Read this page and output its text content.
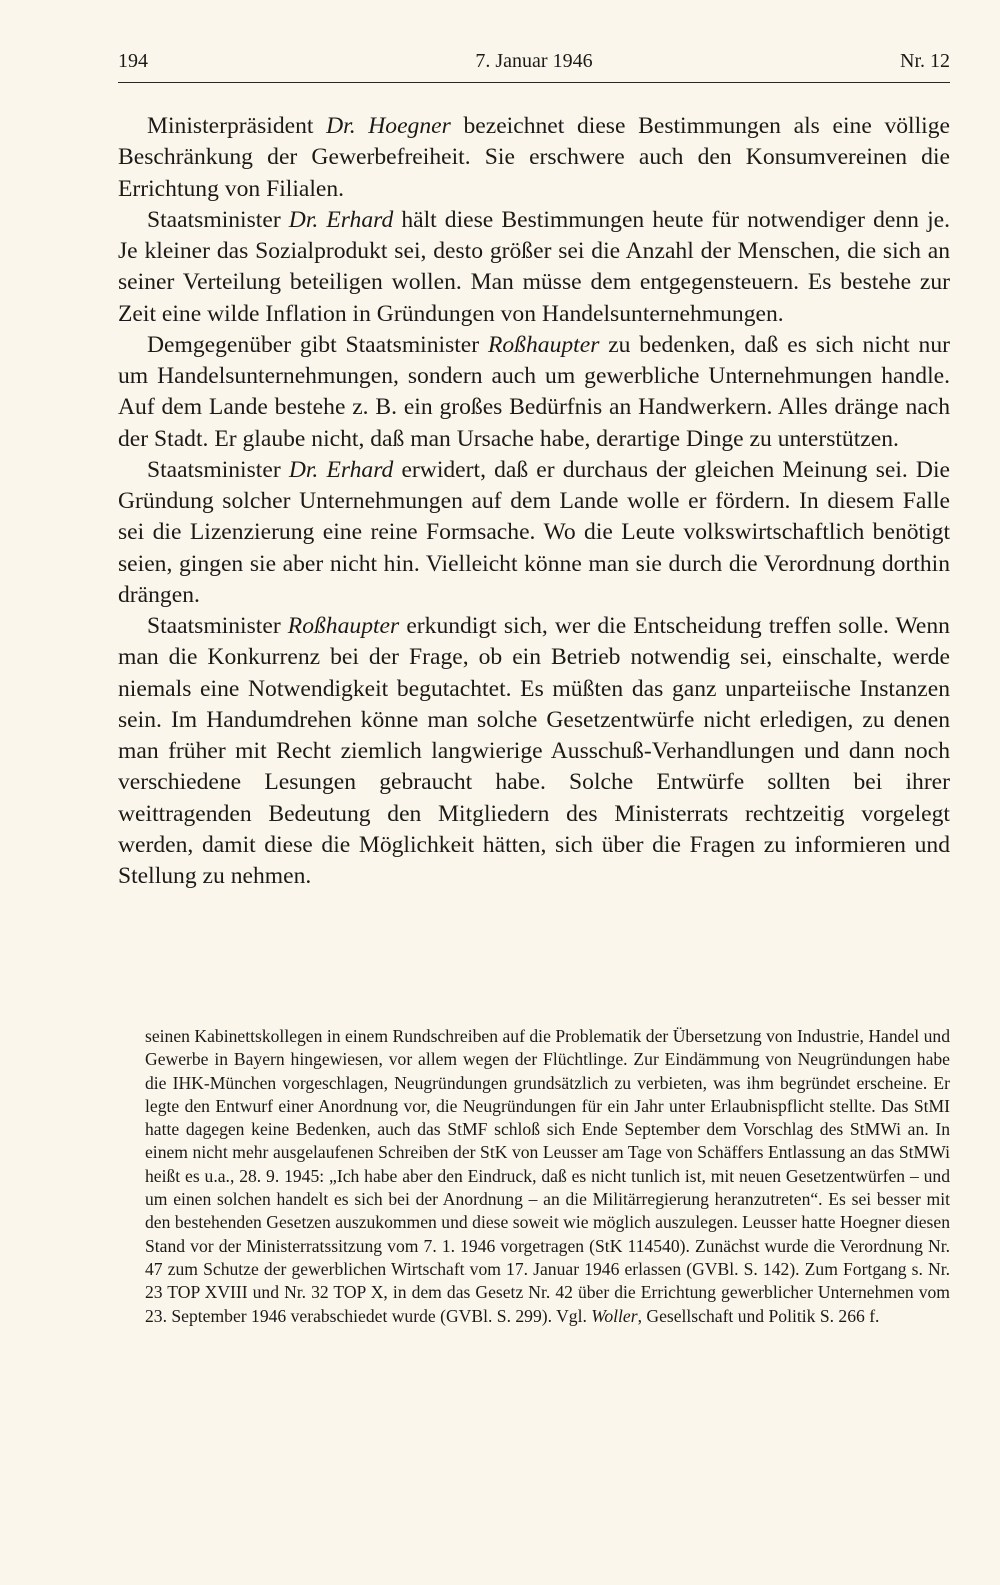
194	7. Januar 1946	Nr. 12

Ministerpräsident Dr. Hoegner bezeichnet diese Bestimmungen als eine völlige Beschränkung der Gewerbefreiheit. Sie erschwere auch den Konsumvereinen die Errichtung von Filialen.

Staatsminister Dr. Erhard hält diese Bestimmungen heute für notwendiger denn je. Je kleiner das Sozialprodukt sei, desto größer sei die Anzahl der Menschen, die sich an seiner Verteilung beteiligen wollen. Man müsse dem entgegensteuern. Es bestehe zur Zeit eine wilde Inflation in Gründungen von Handelsunternehmungen.

Demgegenüber gibt Staatsminister Roßhaupter zu bedenken, daß es sich nicht nur um Handelsunternehmungen, sondern auch um gewerbliche Unternehmungen handle. Auf dem Lande bestehe z. B. ein großes Bedürfnis an Handwerkern. Alles dränge nach der Stadt. Er glaube nicht, daß man Ursache habe, derartige Dinge zu unterstützen.

Staatsminister Dr. Erhard erwidert, daß er durchaus der gleichen Meinung sei. Die Gründung solcher Unternehmungen auf dem Lande wolle er fördern. In diesem Falle sei die Lizenzierung eine reine Formsache. Wo die Leute volkswirtschaftlich benötigt seien, gingen sie aber nicht hin. Vielleicht könne man sie durch die Verordnung dorthin drängen.

Staatsminister Roßhaupter erkundigt sich, wer die Entscheidung treffen solle. Wenn man die Konkurrenz bei der Frage, ob ein Betrieb notwendig sei, einschalte, werde niemals eine Notwendigkeit begutachtet. Es müßten das ganz unparteiische Instanzen sein. Im Handumdrehen könne man solche Gesetzentwürfe nicht erledigen, zu denen man früher mit Recht ziemlich langwierige Ausschuß-Verhandlungen und dann noch verschiedene Lesungen gebraucht habe. Solche Entwürfe sollten bei ihrer weittragenden Bedeutung den Mitgliedern des Ministerrats rechtzeitig vorgelegt werden, damit diese die Möglichkeit hätten, sich über die Fragen zu informieren und Stellung zu nehmen.

seinen Kabinettskollegen in einem Rundschreiben auf die Problematik der Übersetzung von Industrie, Handel und Gewerbe in Bayern hingewiesen, vor allem wegen der Flüchtlinge. Zur Eindämmung von Neugründungen habe die IHK-München vorgeschlagen, Neugründungen grundsätzlich zu verbieten, was ihm begründet erscheine. Er legte den Entwurf einer Anordnung vor, die Neugründungen für ein Jahr unter Erlaubnispflicht stellte. Das StMI hatte dagegen keine Bedenken, auch das StMF schloß sich Ende September dem Vorschlag des StMWi an. In einem nicht mehr ausgelaufenen Schreiben der StK von Leusser am Tage von Schäffers Entlassung an das StMWi heißt es u.a., 28. 9. 1945: „Ich habe aber den Eindruck, daß es nicht tunlich ist, mit neuen Gesetzentwürfen – und um einen solchen handelt es sich bei der Anordnung – an die Militärregierung heranzutreten“. Es sei besser mit den bestehenden Gesetzen auszukommen und diese soweit wie möglich auszulegen. Leusser hatte Hoegner diesen Stand vor der Ministerratssitzung vom 7. 1. 1946 vorgetragen (StK 114540). Zunächst wurde die Verordnung Nr. 47 zum Schutze der gewerblichen Wirtschaft vom 17. Januar 1946 erlassen (GVBl. S. 142). Zum Fortgang s. Nr. 23 TOP XVIII und Nr. 32 TOP X, in dem das Gesetz Nr. 42 über die Errichtung gewerblicher Unternehmen vom 23. September 1946 verabschiedet wurde (GVBl. S. 299). Vgl. Woller, Gesellschaft und Politik S. 266 f.
